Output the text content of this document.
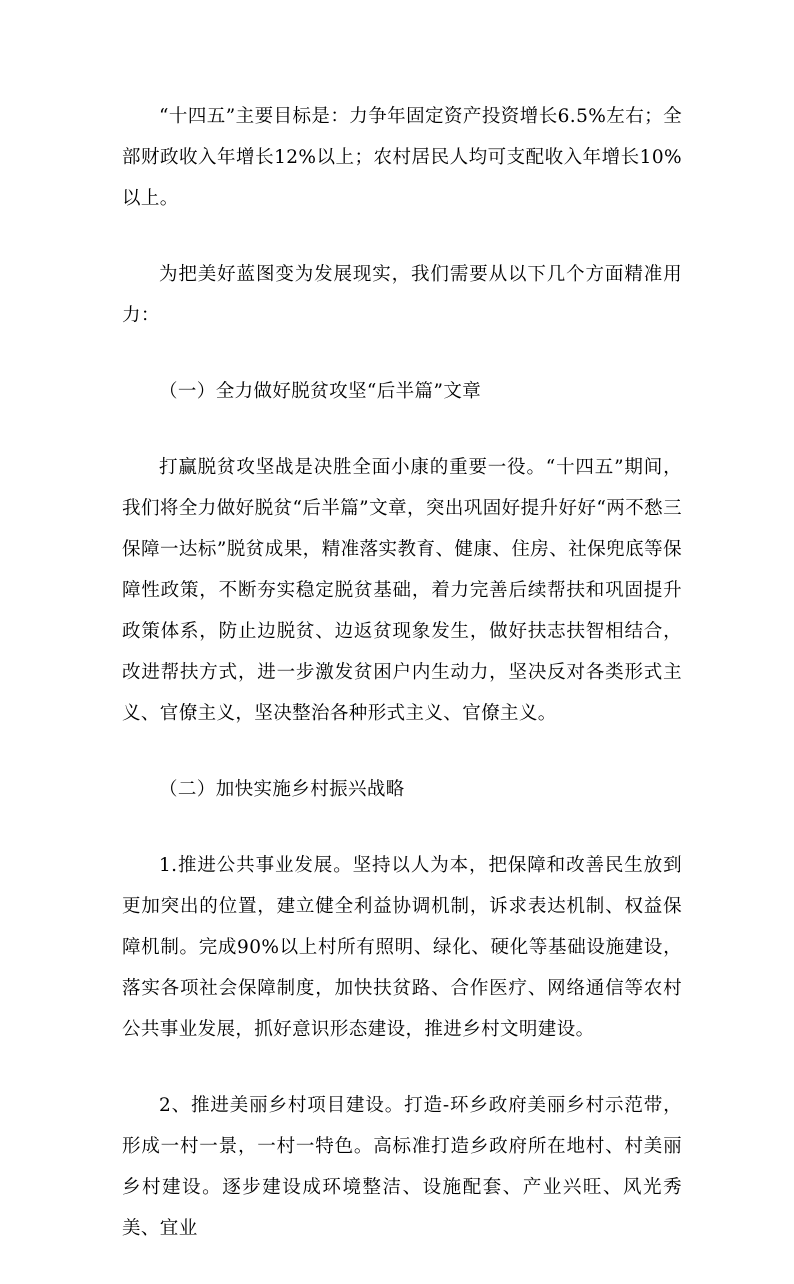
“十四五”主要目标是：力争年固定资产投资增长6.5%左右；全部财政收入年增长12%以上；农村居民人均可支配收入年增长10%以上。

为把美好蓝图变为发展现实，我们需要从以下几个方面精准用力：

（一）全力做好脱贫攻坚“后半篇”文章

打赢脱贫攻坚战是决胜全面小康的重要一役。“十四五”期间，我们将全力做好脱贫“后半篇”文章，突出巩固好提升好好“两不愁三保障一达标”脱贫成果，精准落实教育、健康、住房、社保兜底等保障性政策，不断夯实稳定脱贫基础，着力完善后续帮扶和巩固提升政策体系，防止边脱贫、边返贫现象发生，做好扶志扶智相结合，改进帮扶方式，进一步激发贫困户内生动力，坚决反对各类形式主义、官僚主义，坚决整治各种形式主义、官僚主义。

（二）加快实施乡村振兴战略

1.推进公共事业发展。坚持以人为本，把保障和改善民生放到更加突出的位置，建立健全利益协调机制，诉求表达机制、权益保障机制。完成90%以上村所有照明、绿化、硬化等基础设施建设，落实各项社会保障制度，加快扶贫路、合作医疗、网络通信等农村公共事业发展，抓好意识形态建设，推进乡村文明建设。

2、推进美丽乡村项目建设。打造-环乡政府美丽乡村示范带，形成一村一景，一村一特色。高标准打造乡政府所在地村、村美丽乡村建设。逐步建设成环境整洁、设施配套、产业兴旺、风光秀美、宜业
